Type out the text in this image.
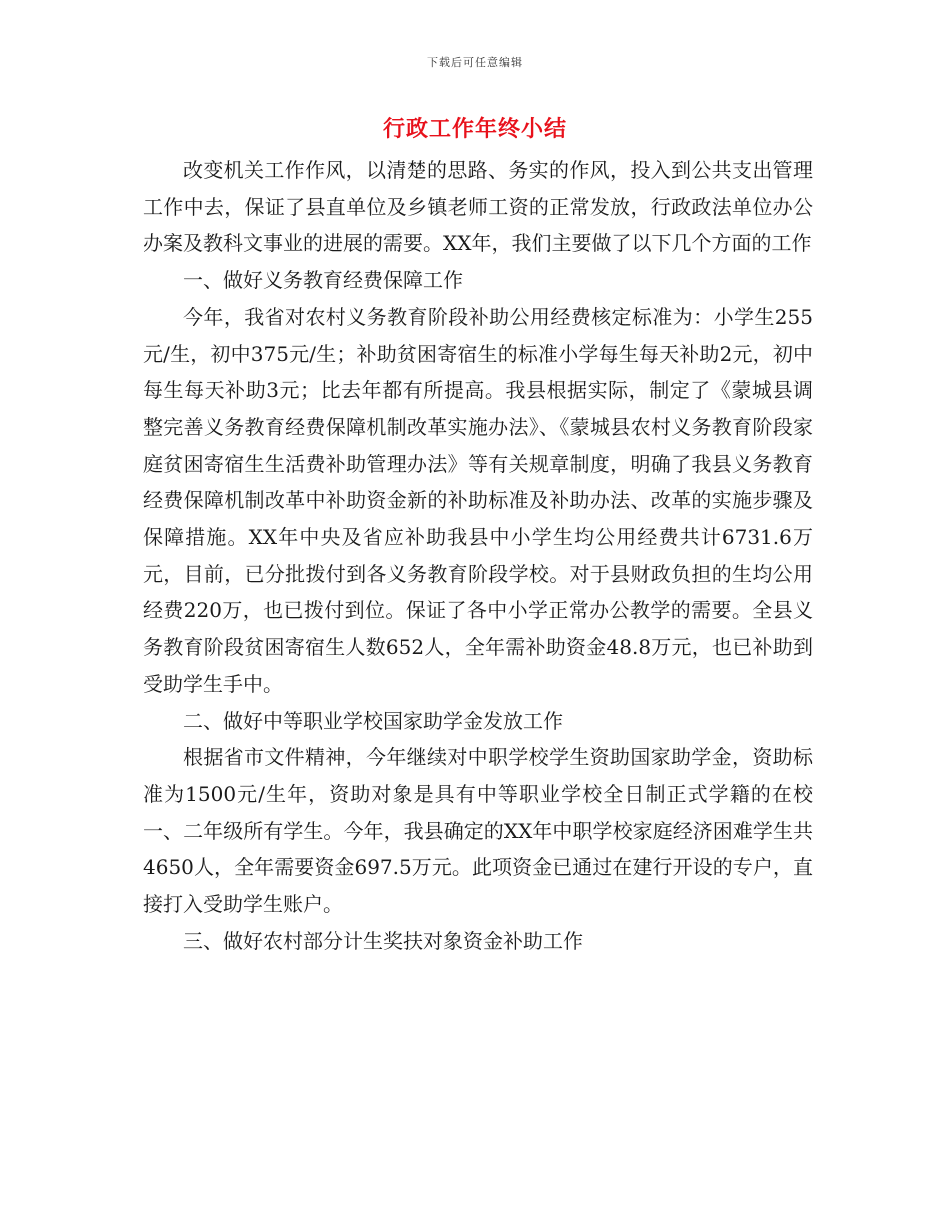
下载后可任意编辑
行政工作年终小结

改变机关工作作风，以清楚的思路、务实的作风，投入到公共支出管理工作中去，保证了县直单位及乡镇老师工资的正常发放，行政政法单位办公办案及教科文事业的进展的需要。XX年，我们主要做了以下几个方面的工作

一、做好义务教育经费保障工作

今年，我省对农村义务教育阶段补助公用经费核定标准为：小学生255元/生，初中375元/生；补助贫困寄宿生的标准小学每生每天补助2元，初中每生每天补助3元；比去年都有所提高。我县根据实际，制定了《蒙城县调整完善义务教育经费保障机制改革实施办法》、《蒙城县农村义务教育阶段家庭贫困寄宿生生活费补助管理办法》等有关规章制度，明确了我县义务教育经费保障机制改革中补助资金新的补助标准及补助办法、改革的实施步骤及保障措施。XX年中央及省应补助我县中小学生均公用经费共计6731.6万元，目前，已分批拨付到各义务教育阶段学校。对于县财政负担的生均公用经费220万，也已拨付到位。保证了各中小学正常办公教学的需要。全县义务教育阶段贫困寄宿生人数652人，全年需补助资金48.8万元，也已补助到受助学生手中。

二、做好中等职业学校国家助学金发放工作

根据省市文件精神，今年继续对中职学校学生资助国家助学金，资助标准为1500元/生年，资助对象是具有中等职业学校全日制正式学籍的在校一、二年级所有学生。今年，我县确定的XX年中职学校家庭经济困难学生共4650人，全年需要资金697.5万元。此项资金已通过在建行开设的专户，直接打入受助学生账户。

三、做好农村部分计生奖扶对象资金补助工作
